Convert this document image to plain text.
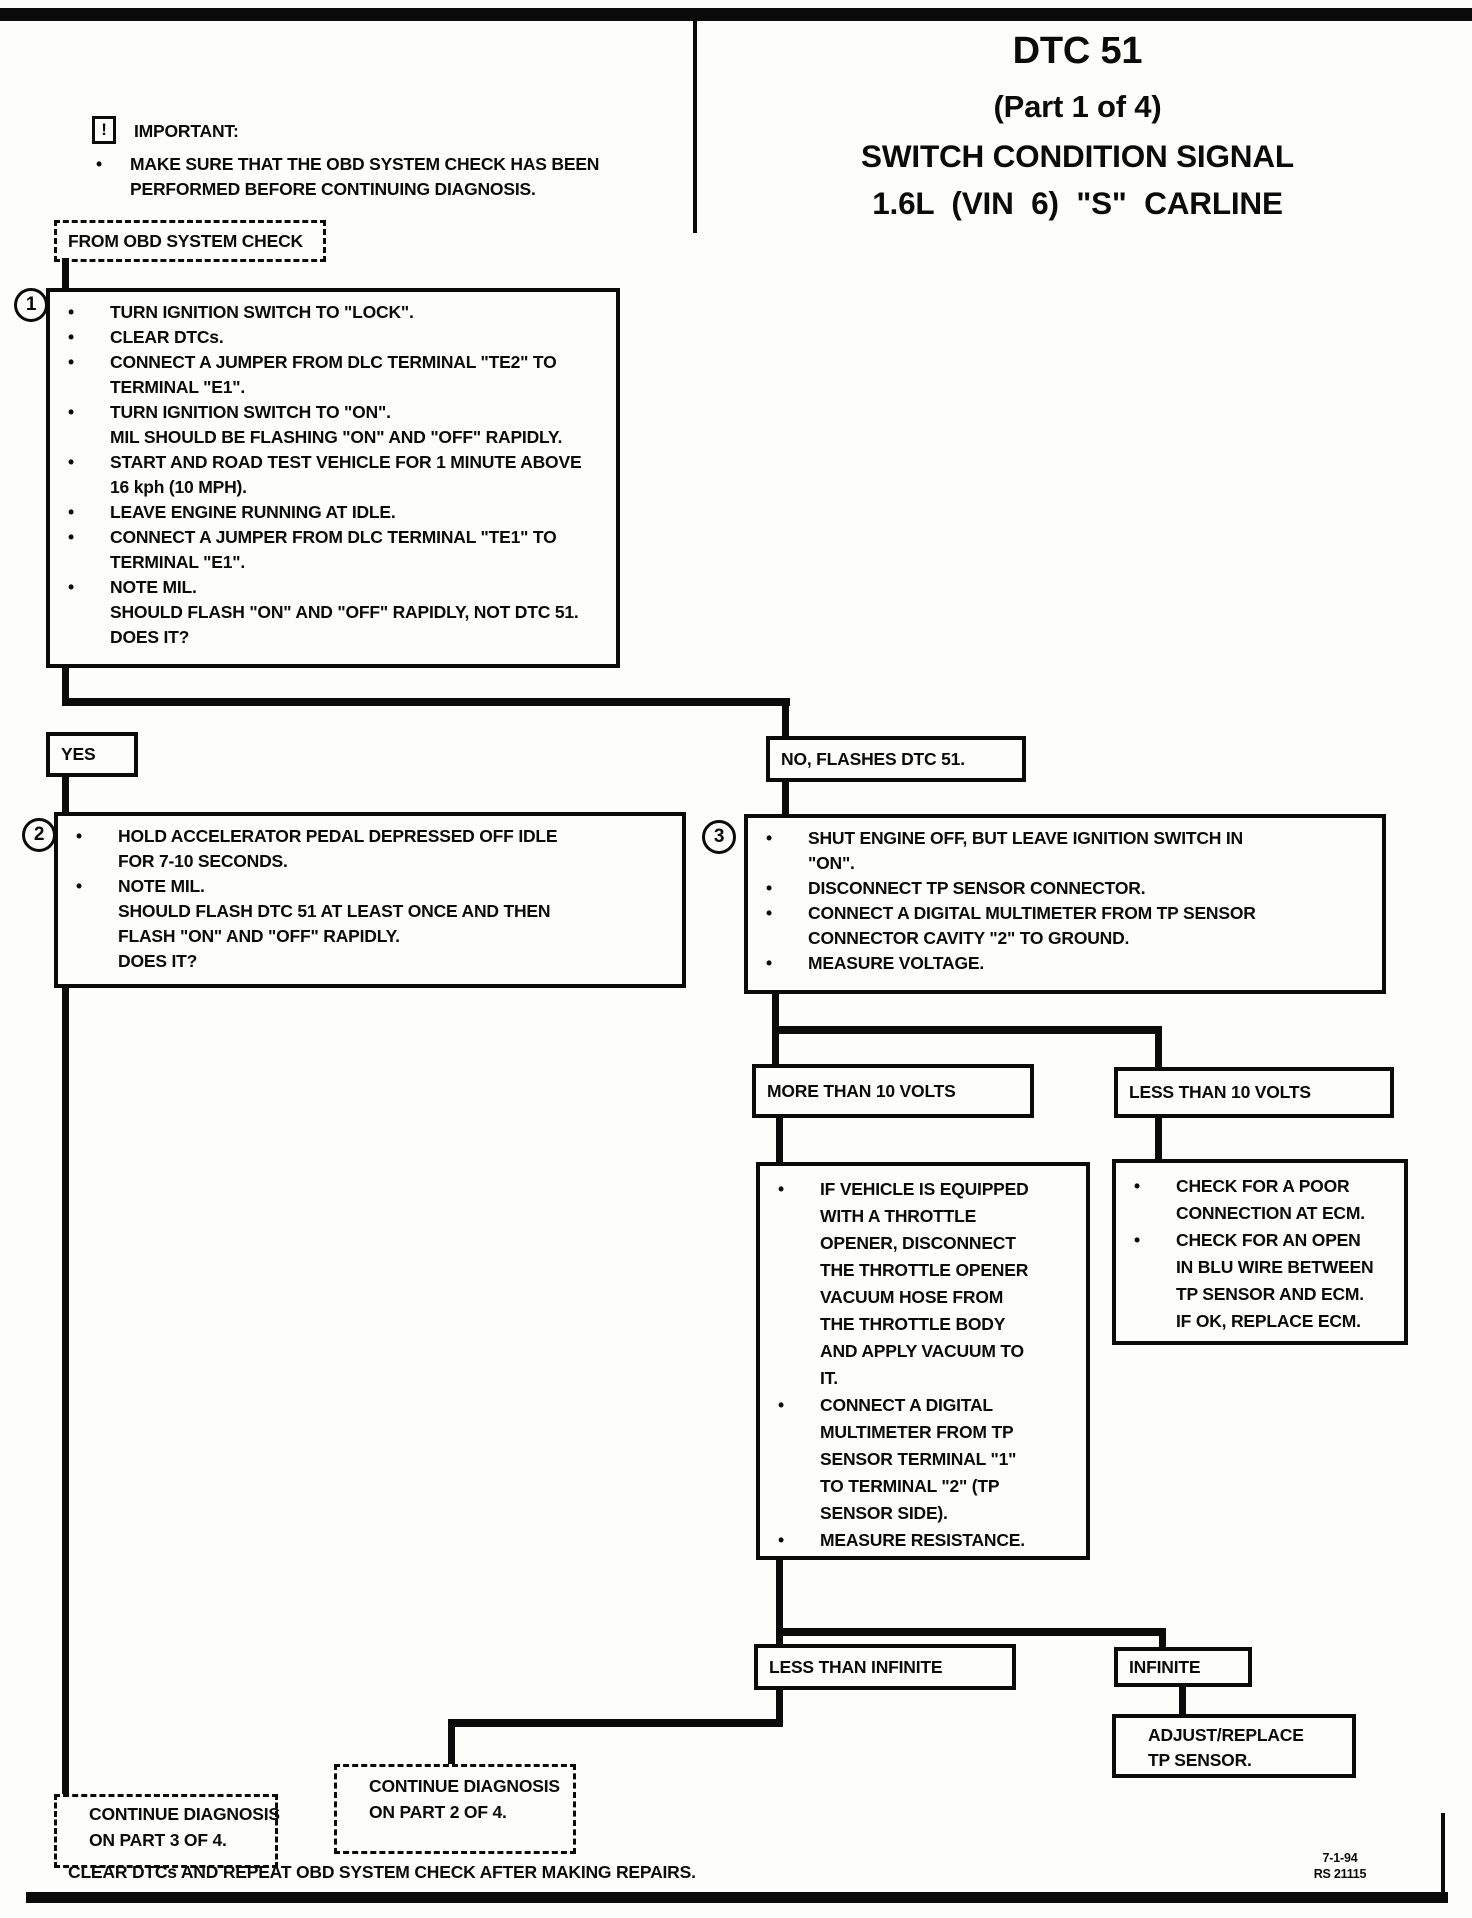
DTC 51
(Part 1 of 4)
SWITCH CONDITION SIGNAL
1.6L (VIN 6) "S" CARLINE
! IMPORTANT:
•	MAKE SURE THAT THE OBD SYSTEM CHECK HAS BEEN
PERFORMED BEFORE CONTINUING DIAGNOSIS.
FROM OBD SYSTEM CHECK
1 •	TURN IGNITION SWITCH TO "LOCK".
•	CLEAR DTCs.
•	CONNECT A JUMPER FROM DLC TERMINAL "TE2" TO
TERMINAL "E1".
•	TURN IGNITION SWITCH TO "ON".
MIL SHOULD BE FLASHING "ON" AND "OFF" RAPIDLY.
•	START AND ROAD TEST VEHICLE FOR 1 MINUTE ABOVE
16 kph (10 MPH).
•	LEAVE ENGINE RUNNING AT IDLE.
•	CONNECT A JUMPER FROM DLC TERMINAL "TE1" TO
TERMINAL "E1".
•	NOTE MIL.
SHOULD FLASH "ON" AND "OFF" RAPIDLY, NOT DTC 51.
DOES IT?
YES	NO, FLASHES DTC 51.
2 •	HOLD ACCELERATOR PEDAL DEPRESSED OFF IDLE
FOR 7-10 SECONDS.
•	NOTE MIL.
SHOULD FLASH DTC 51 AT LEAST ONCE AND THEN
FLASH "ON" AND "OFF" RAPIDLY.
DOES IT?
3 •	SHUT ENGINE OFF, BUT LEAVE IGNITION SWITCH IN
"ON".
•	DISCONNECT TP SENSOR CONNECTOR.
•	CONNECT A DIGITAL MULTIMETER FROM TP SENSOR
CONNECTOR CAVITY "2" TO GROUND.
•	MEASURE VOLTAGE.
MORE THAN 10 VOLTS	LESS THAN 10 VOLTS
•	IF VEHICLE IS EQUIPPED
WITH A THROTTLE
OPENER, DISCONNECT
THE THROTTLE OPENER
VACUUM HOSE FROM
THE THROTTLE BODY
AND APPLY VACUUM TO
IT.
•	CONNECT A DIGITAL
MULTIMETER FROM TP
SENSOR TERMINAL "1"
TO TERMINAL "2" (TP
SENSOR SIDE).
•	MEASURE RESISTANCE.
•	CHECK FOR A POOR
CONNECTION AT ECM.
•	CHECK FOR AN OPEN
IN BLU WIRE BETWEEN
TP SENSOR AND ECM.
IF OK, REPLACE ECM.
LESS THAN INFINITE	INFINITE
ADJUST/REPLACE
TP SENSOR.
CONTINUE DIAGNOSIS
ON PART 3 OF 4.
CONTINUE DIAGNOSIS
ON PART 2 OF 4.
CLEAR DTCs AND REPEAT OBD SYSTEM CHECK AFTER MAKING REPAIRS.
7-1-94
RS 21115
